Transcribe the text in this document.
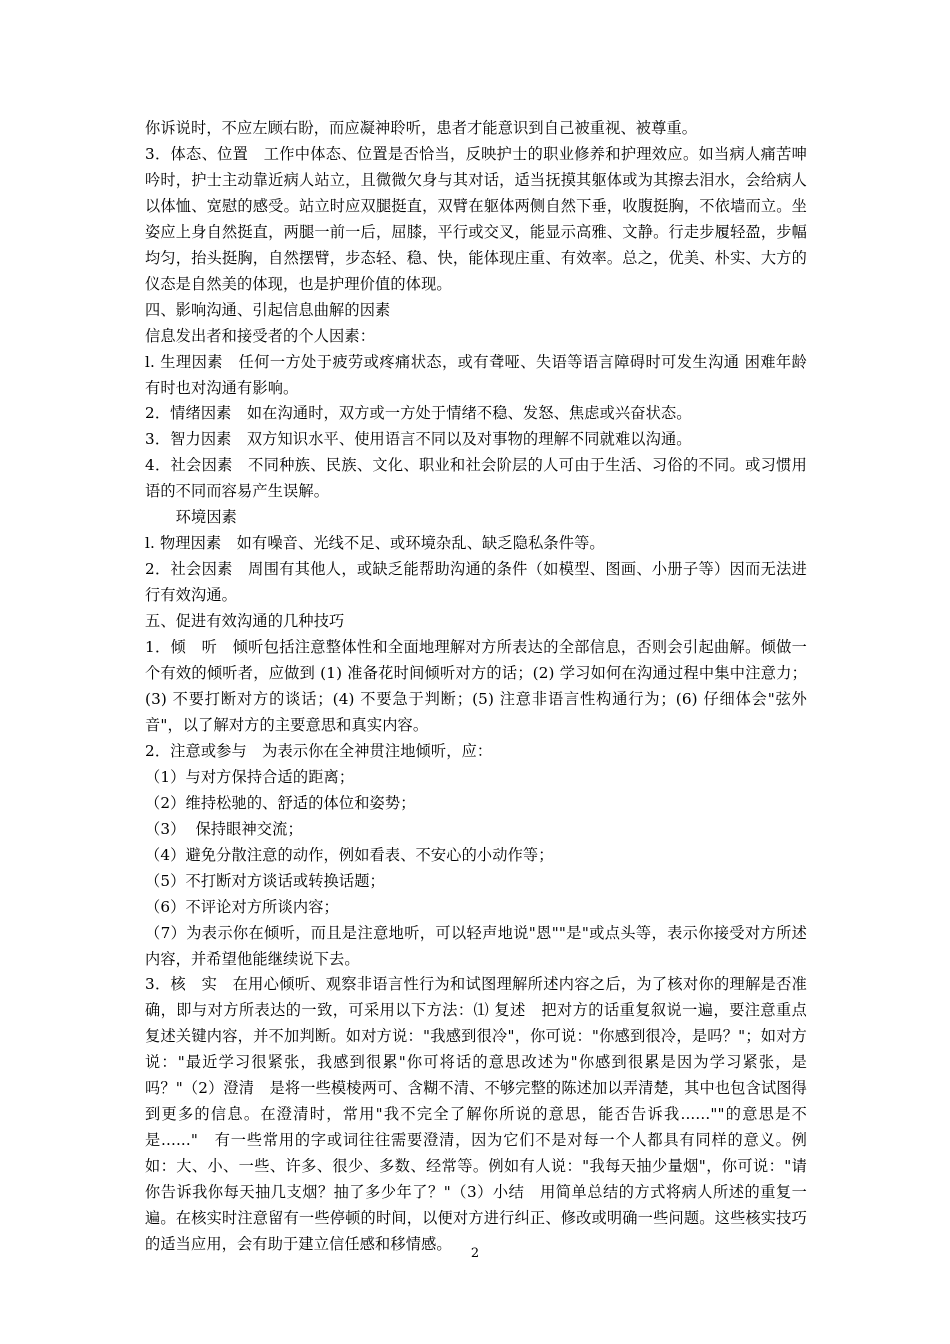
你诉说时，不应左顾右盼，而应凝神聆听，患者才能意识到自己被重视、被尊重。

3．体态、位置　工作中体态、位置是否恰当，反映护士的职业修养和护理效应。如当病人痛苦呻吟时，护士主动靠近病人站立，且微微欠身与其对话，适当抚摸其躯体或为其擦去泪水，会给病人以体恤、宽慰的感受。站立时应双腿挺直，双臂在躯体两侧自然下垂，收腹挺胸，不依墙而立。坐姿应上身自然挺直，两腿一前一后，屈膝，平行或交叉，能显示高雅、文静。行走步履轻盈，步幅均匀，抬头挺胸，自然摆臂，步态轻、稳、快，能体现庄重、有效率。总之，优美、朴实、大方的仪态是自然美的体现，也是护理价值的体现。

四、影响沟通、引起信息曲解的因素

信息发出者和接受者的个人因素：

l. 生理因素　任何一方处于疲劳或疼痛状态，或有聋哑、失语等语言障碍时可发生沟通 困难年龄有时也对沟通有影响。

2．情绪因素　如在沟通时，双方或一方处于情绪不稳、发怒、焦虑或兴奋状态。

3．智力因素　双方知识水平、使用语言不同以及对事物的理解不同就难以沟通。

4．社会因素　不同种族、民族、文化、职业和社会阶层的人可由于生活、习俗的不同。或习惯用语的不同而容易产生误解。

　　环境因素

l. 物理因素　如有噪音、光线不足、或环境杂乱、缺乏隐私条件等。

2．社会因素　周围有其他人，或缺乏能帮助沟通的条件（如模型、图画、小册子等）因而无法进行有效沟通。

五、促进有效沟通的几种技巧

1．倾　听　倾听包括注意整体性和全面地理解对方所表达的全部信息，否则会引起曲解。倾做一个有效的倾听者，应做到 (1) 准备花时间倾听对方的话；(2) 学习如何在沟通过程中集中注意力；(3) 不要打断对方的谈话；(4) 不要急于判断；(5) 注意非语言性构通行为；(6) 仔细体会"弦外音"，以了解对方的主要意思和真实内容。

2．注意或参与　为表示你在全神贯注地倾听，应：

（1）与对方保持合适的距离；

（2）维持松驰的、舒适的体位和姿势；

（3）  保持眼神交流；

（4）避免分散注意的动作，例如看表、不安心的小动作等；

（5）不打断对方谈话或转换话题；

（6）不评论对方所谈内容；

（7）为表示你在倾听，而且是注意地听，可以轻声地说"恩""是"或点头等，表示你接受对方所述内容，并希望他能继续说下去。

3．核　实　在用心倾听、观察非语言性行为和试图理解所述内容之后，为了核对你的理解是否准确，即与对方所表达的一致，可采用以下方法：⑴ 复述　把对方的话重复叙说一遍，要注意重点复述关键内容，并不加判断。如对方说："我感到很冷"，你可说："你感到很冷，是吗？"；如对方说："最近学习很紧张，我感到很累"你可将话的意思改述为"你感到很累是因为学习紧张，是吗？"（2）澄清　是将一些模棱两可、含糊不清、不够完整的陈述加以弄清楚，其中也包含试图得到更多的信息。在澄清时，常用"我不完全了解你所说的意思，能否告诉我......""的意思是不是......"　有一些常用的字或词往往需要澄清，因为它们不是对每一个人都具有同样的意义。例如：大、小、一些、许多、很少、多数、经常等。例如有人说："我每天抽少量烟"，你可说："请你告诉我你每天抽几支烟？抽了多少年了？"（3）小结　用简单总结的方式将病人所述的重复一遍。在核实时注意留有一些停顿的时间，以便对方进行纠正、修改或明确一些问题。这些核实技巧的适当应用，会有助于建立信任感和移情感。

2
